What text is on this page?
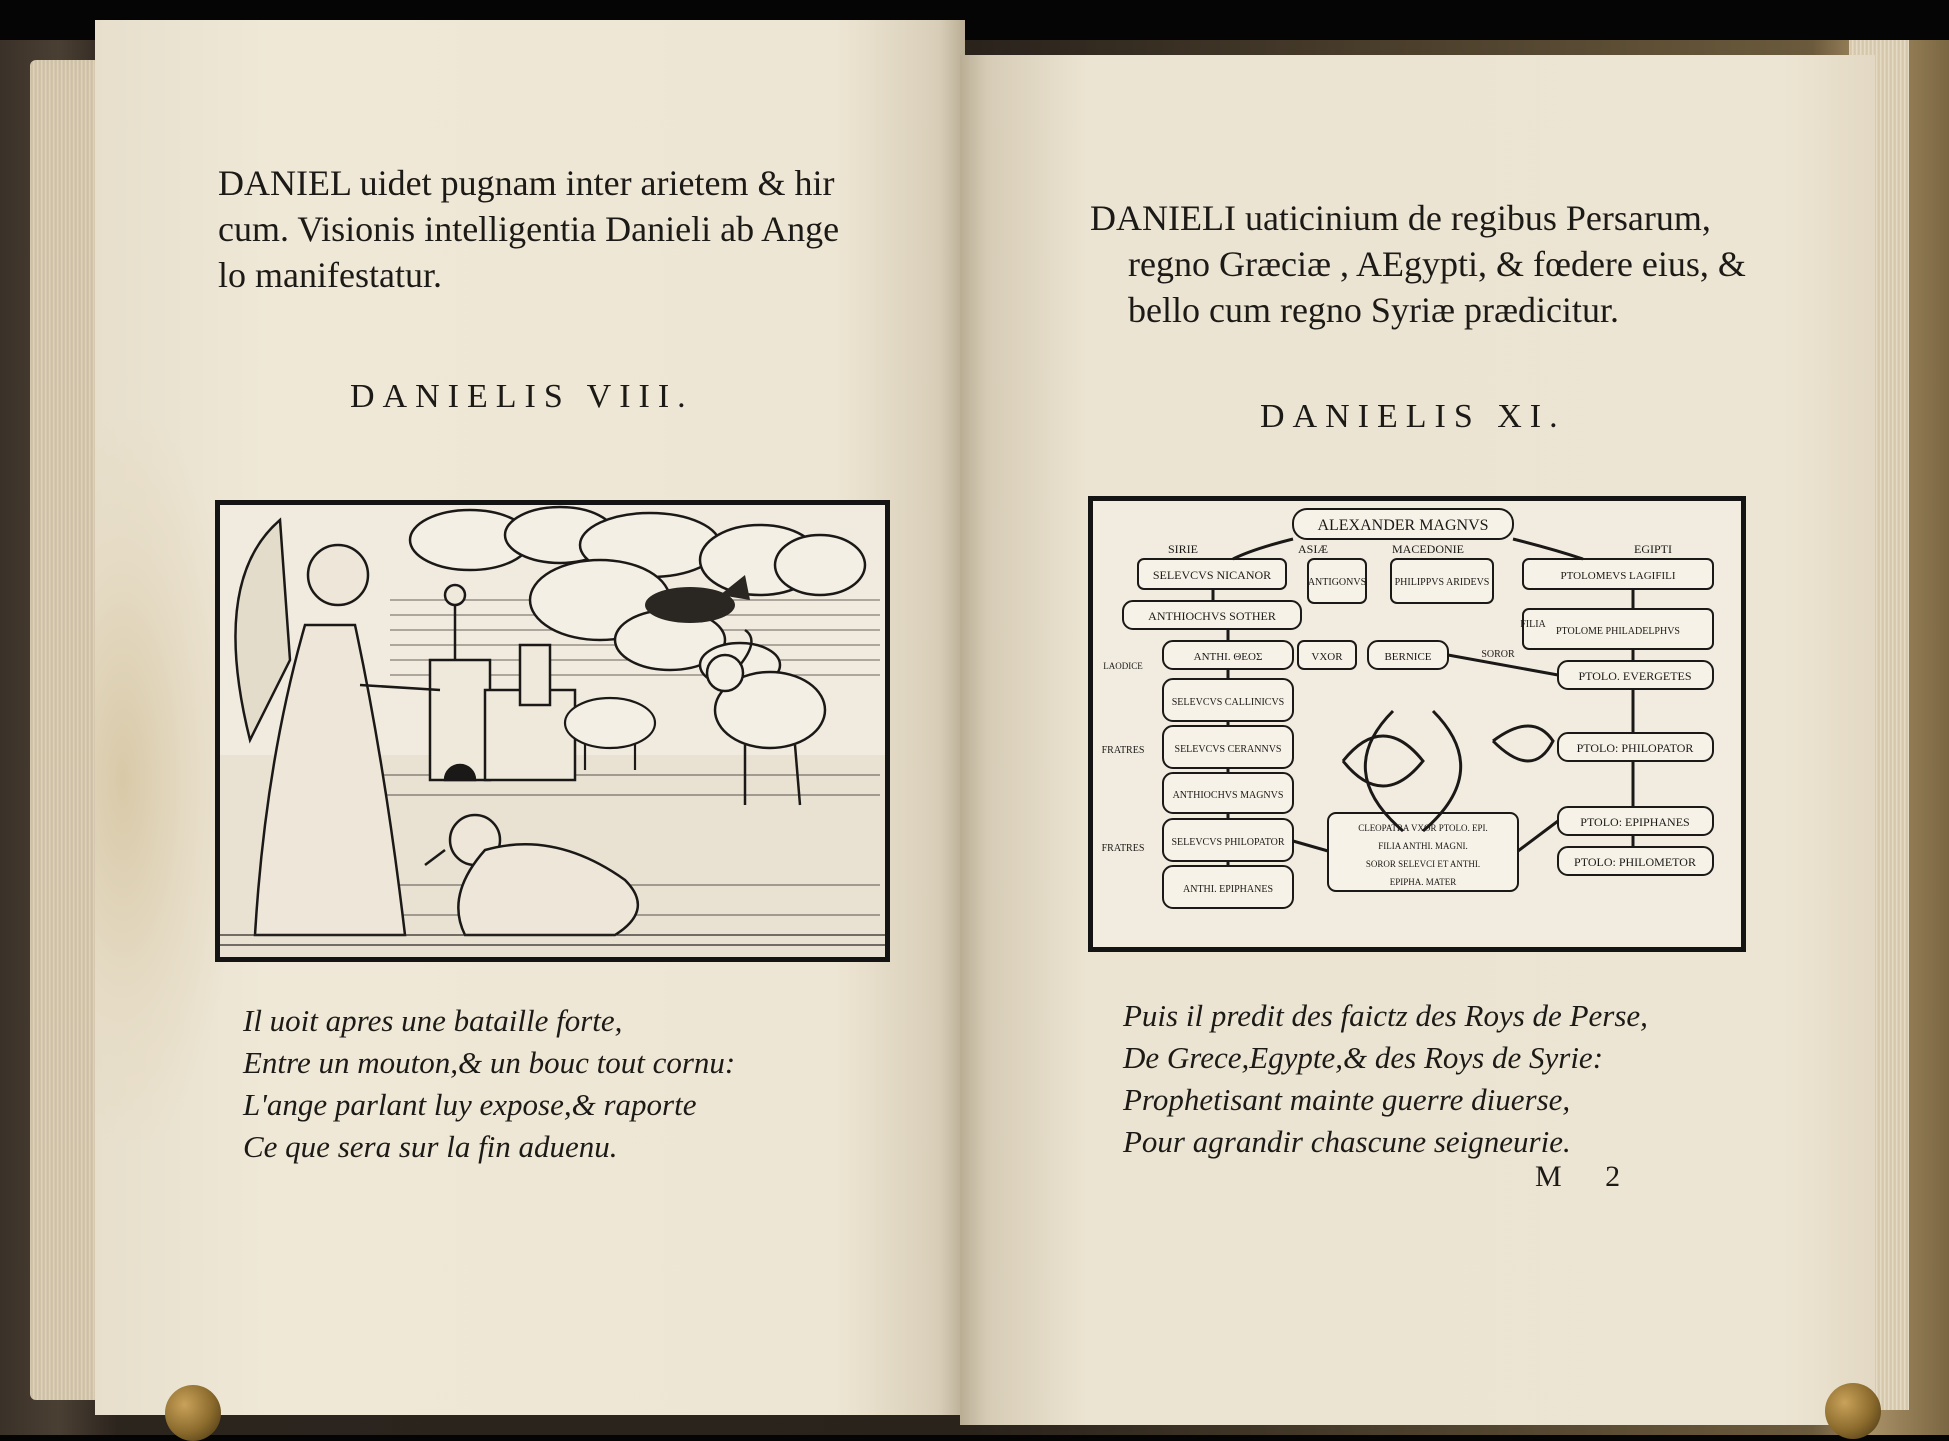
DANIEL uidet pugnam inter arietem & hir
cum. Visionis intelligentia Danieli ab Ange
lo manifestatur.
DANIELIS VIII.
Il uoit apres une bataille forte,
Entre un mouton,& un bouc tout cornu:
L'ange parlant luy expose,& raporte
Ce que sera sur la fin aduenu.
DANIELI uaticinium de regibus Persarum,
regno Græciæ , AEgypti, & fœdere eius, &
bello cum regno Syriæ prædicitur.
DANIELIS XI.
ALEXANDER MAGNVS
SIRIE	ASIÆ	MACEDONIE	EGIPTI
SELEVCVS NICANOR
ANTHIOCHVS SOTHER
ANTHI. ΘΕΟΣ
SELEVCVS CALLINICVS
SELEVCVS CERANNVS
ANTHIOCHVS MAGNVS
SELEVCVS PHILOPATOR
ANTHI. EPIPHANES
ANTIGONVS	PHILIPPVS ARIDEVS
VXOR	BERNICE
PTOLOMEVS LAGIFILI
PTOLOME PHILADELPHVS
PTOLO. EVERGETES
PTOLO: PHILOPATOR
PTOLO: EPIPHANES
PTOLO: PHILOMETOR
LAODICE
FRATRES
FRATRES
FILIA
SOROR
CLEOPATRA VXOR PTOLO. EPI.
FILIA ANTHI. MAGNI.
SOROR SELEVCI ET ANTHI.
EPIPHA. MATER
Puis il predit des faictz des Roys de Perse,
De Grece,Egypte,& des Roys de Syrie:
Prophetisant mainte guerre diuerse,
Pour agrandir chascune seigneurie.
M 2
